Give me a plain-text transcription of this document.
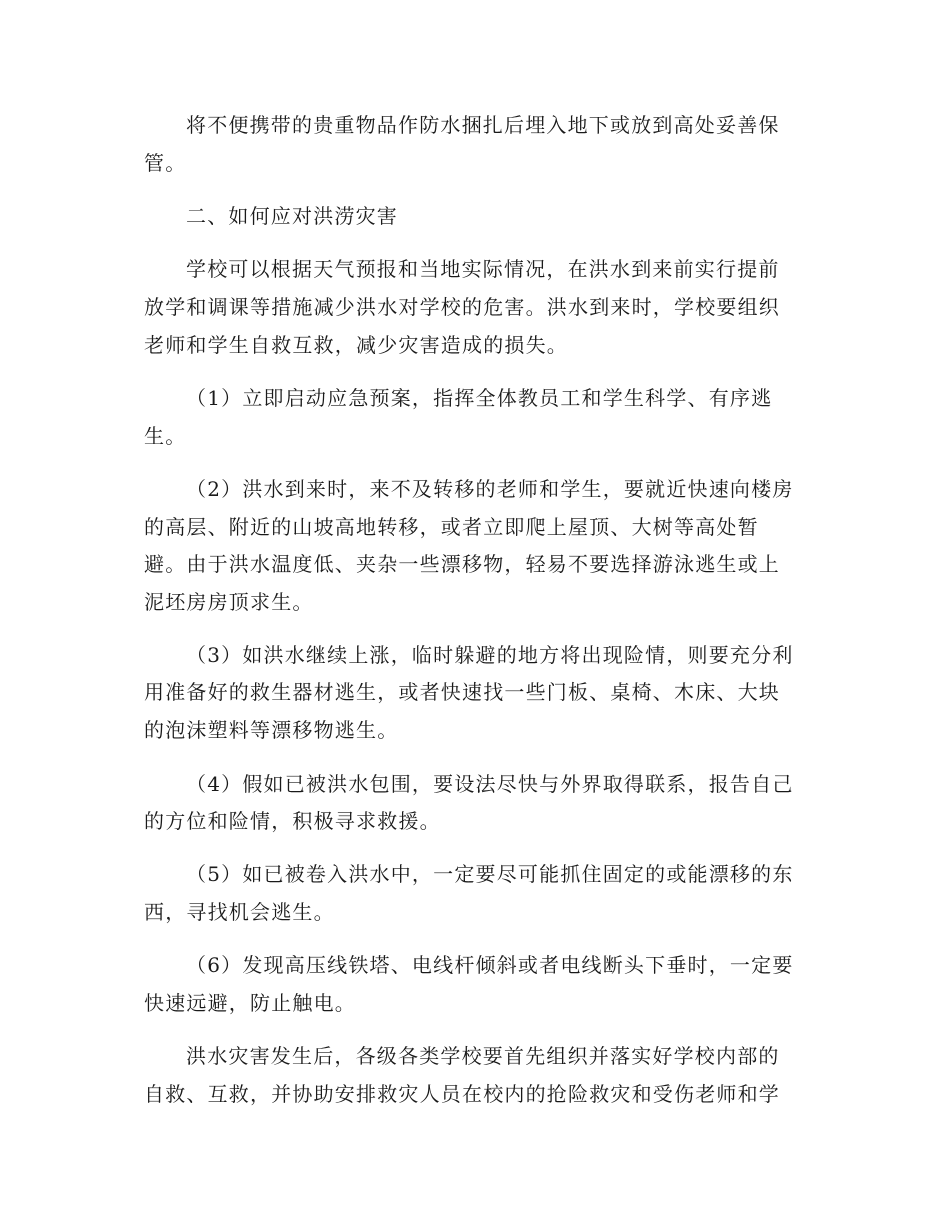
将不便携带的贵重物品作防水捆扎后埋入地下或放到高处妥善保
管。
二、如何应对洪涝灾害
学校可以根据天气预报和当地实际情况，在洪水到来前实行提前
放学和调课等措施减少洪水对学校的危害。洪水到来时，学校要组织
老师和学生自救互救，减少灾害造成的损失。
（1）立即启动应急预案，指挥全体教员工和学生科学、有序逃
生。
（2）洪水到来时，来不及转移的老师和学生，要就近快速向楼房
的高层、附近的山坡高地转移，或者立即爬上屋顶、大树等高处暂
避。由于洪水温度低、夹杂一些漂移物，轻易不要选择游泳逃生或上
泥坯房房顶求生。
（3）如洪水继续上涨，临时躲避的地方将出现险情，则要充分利
用准备好的救生器材逃生，或者快速找一些门板、桌椅、木床、大块
的泡沫塑料等漂移物逃生。
（4）假如已被洪水包围，要设法尽快与外界取得联系，报告自己
的方位和险情，积极寻求救援。
（5）如已被卷入洪水中，一定要尽可能抓住固定的或能漂移的东
西，寻找机会逃生。
（6）发现高压线铁塔、电线杆倾斜或者电线断头下垂时，一定要
快速远避，防止触电。
洪水灾害发生后，各级各类学校要首先组织并落实好学校内部的
自救、互救，并协助安排救灾人员在校内的抢险救灾和受伤老师和学
